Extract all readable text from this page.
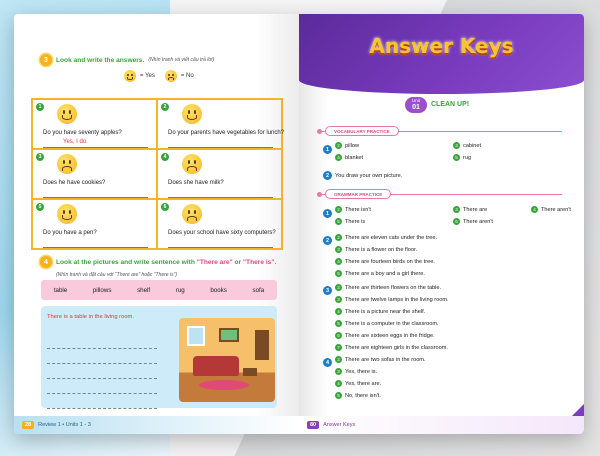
3	Look and write the answers. (Nhìn tranh và viết câu trả lời)
= Yes	= No
1
Do you have seventy apples?
Yes, I do.
2
Do your parents have vegetables for lunch?
3
Does he have cookies?
4
Does she have milk?
5
Do you have a pen?
6
Does your school have sixty computers?
4	Look at the pictures and write sentence with "There are" or "There is".
(Nhìn tranh và đặt câu với "There are" hoặc "There is")
table	pillows	shelf	rug	books	sofa
There is a table in the living room.
28	Review 1 • Units 1 - 3
Answer Keys
Unit
01	CLEAN UP!
VOCABULARY PRACTICE
1
2 pillow	3 cabinet
4 blanket	5 rug
2	You draw your own picture.
GRAMMAR PRACTICE
1
2 There isn't	3 There are	4 There aren't
5 There is	6 There aren't
2	2 There are eleven cats under the tree.
3 There is a flower on the floor.
4 There are fourteen birds on the tree.
5 There are a boy and a girl there.
3	2 There are thirteen flowers on the table.
3 There are twelve lamps in the living room.
4 There is a picture near the shelf.
5 There is a computer in the classroom.
6 There are sixteen eggs in the fridge.
7 There are eighteen girls in the classroom.
4	2 There are two sofas in the room.
3 Yes, there is.
4 Yes, there are.
5 No, there isn't.
80	Answer Keys
